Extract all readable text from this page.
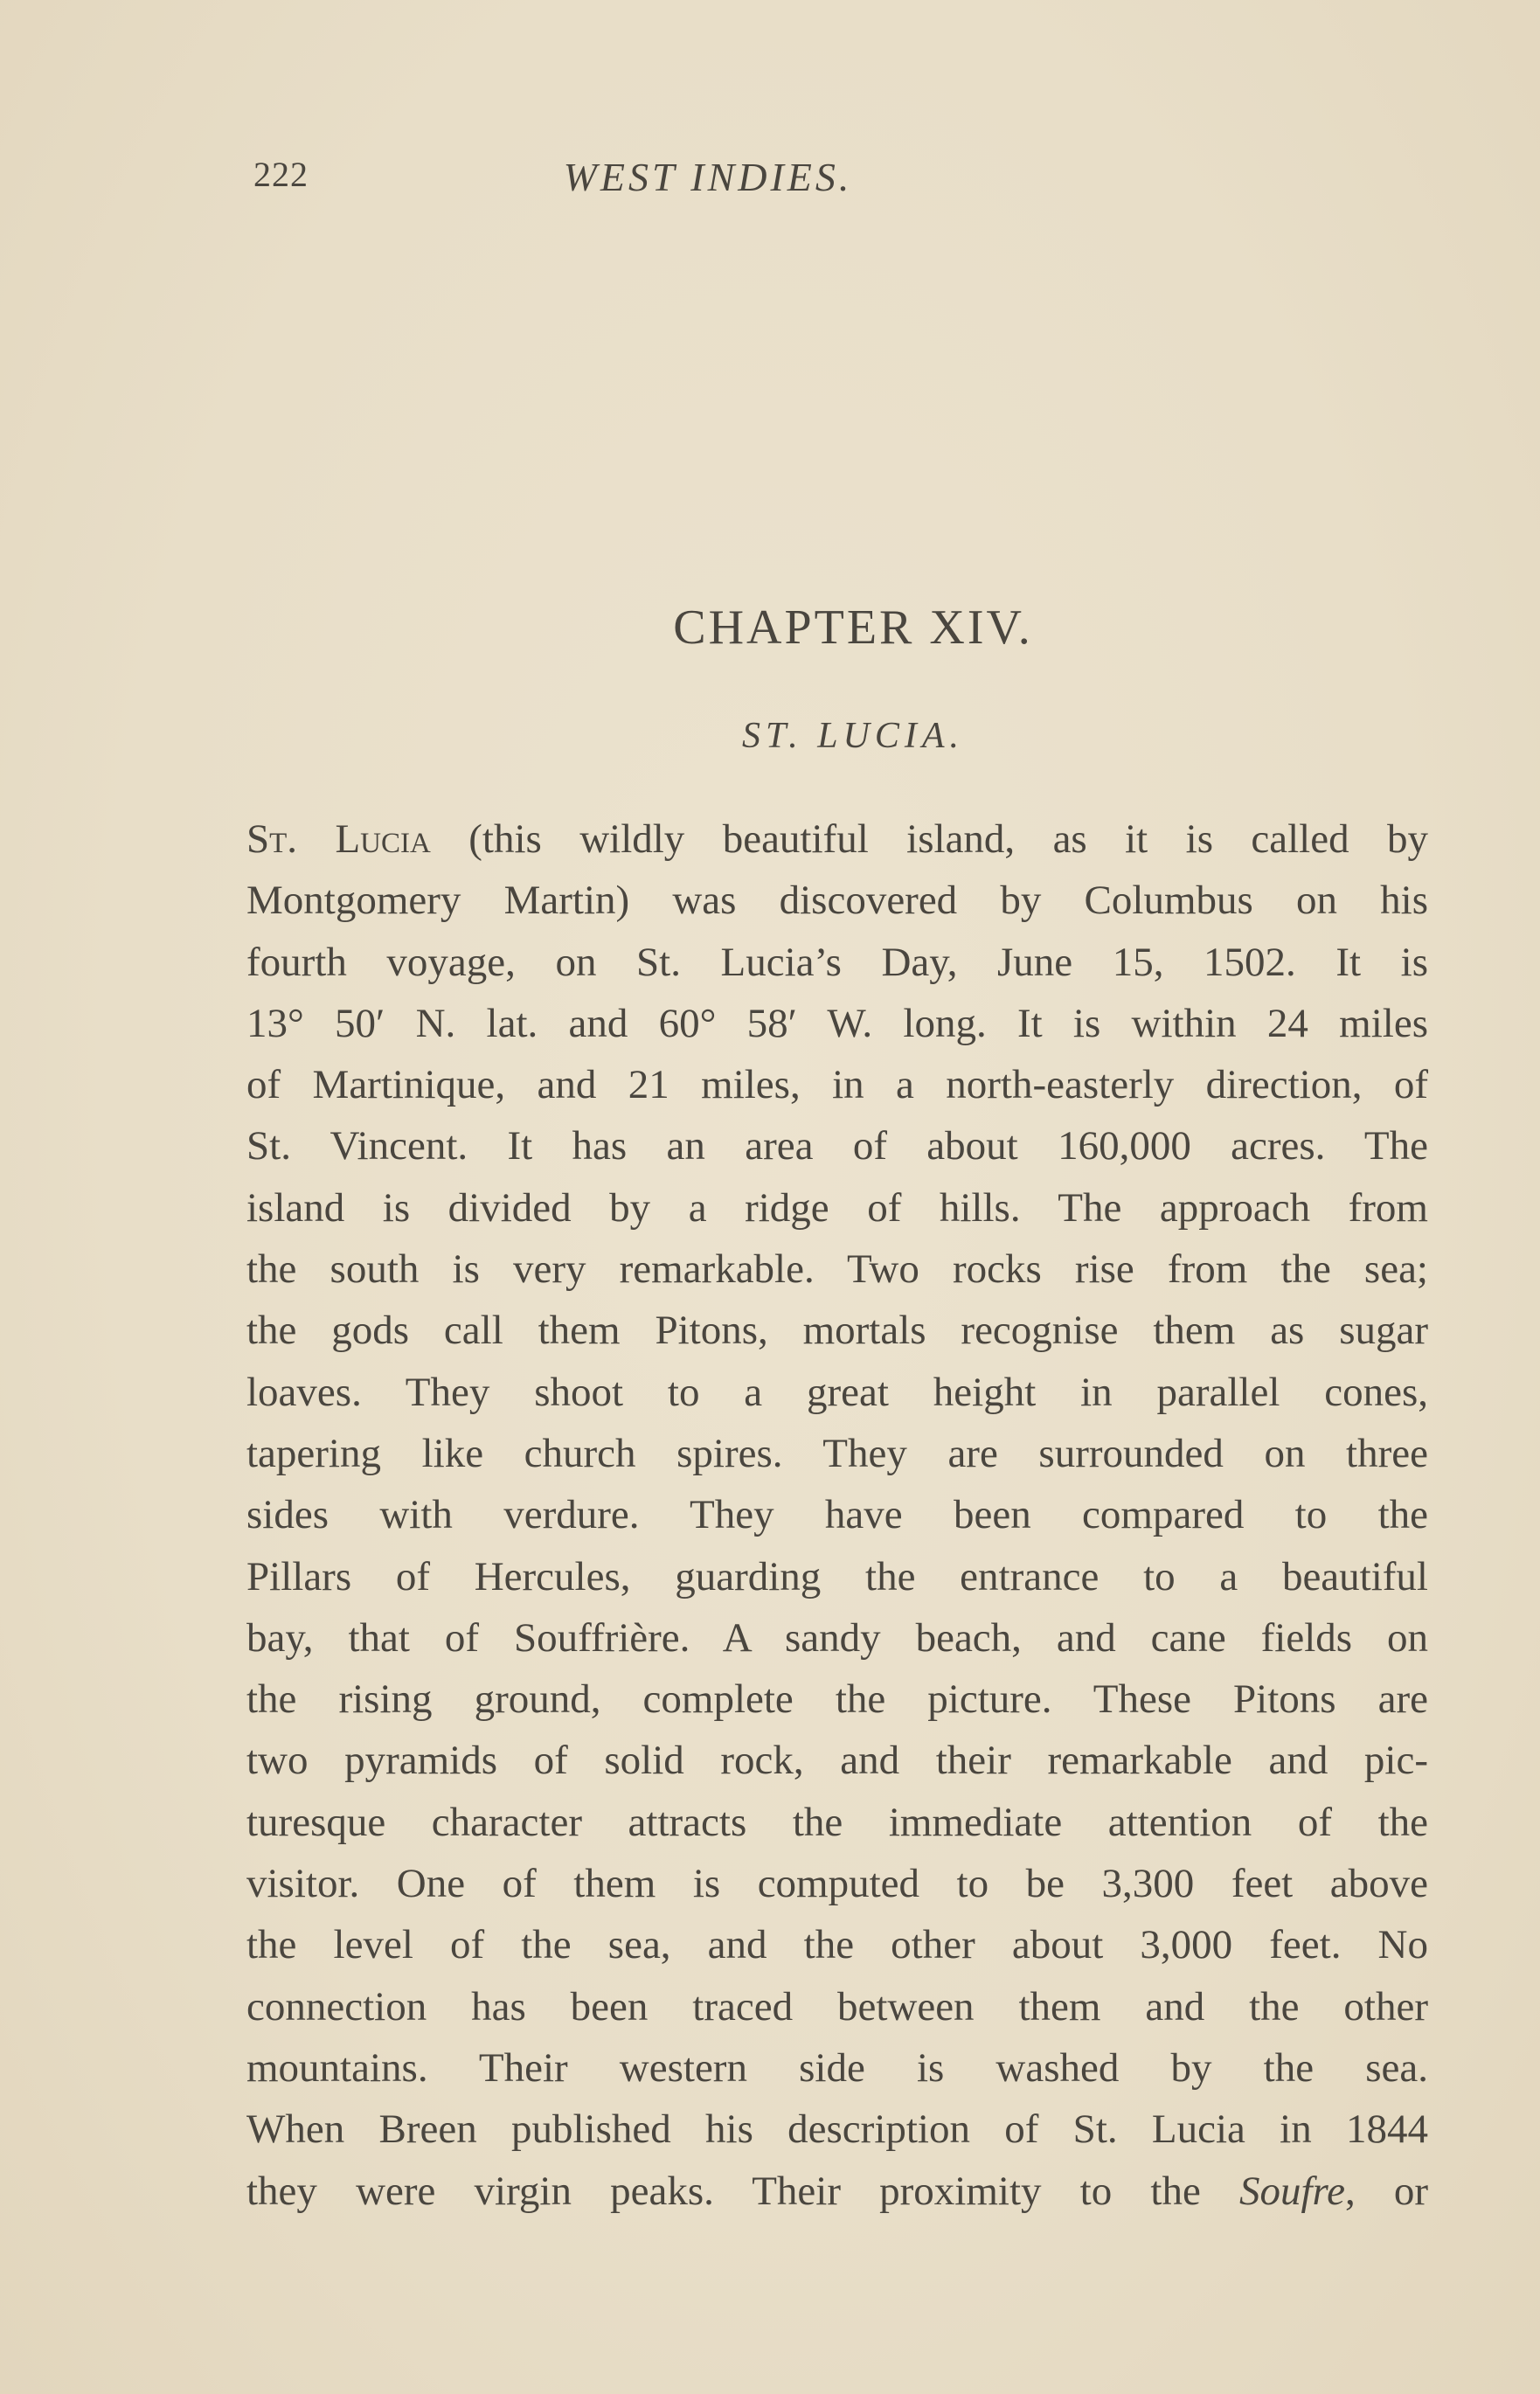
222	WEST INDIES.
CHAPTER XIV.
ST. LUCIA.
St. Lucia (this wildly beautiful island, as it is called by
Montgomery Martin) was discovered by Columbus on his
fourth voyage, on St. Lucia’s Day, June 15, 1502. It is
13° 50′ N. lat. and 60° 58′ W. long. It is within 24 miles
of Martinique, and 21 miles, in a north-easterly direction, of
St. Vincent. It has an area of about 160,000 acres. The
island is divided by a ridge of hills. The approach from
the south is very remarkable. Two rocks rise from the sea;
the gods call them Pitons, mortals recognise them as sugar
loaves. They shoot to a great height in parallel cones,
tapering like church spires. They are surrounded on three
sides with verdure. They have been compared to the
Pillars of Hercules, guarding the entrance to a beautiful
bay, that of Souffrière. A sandy beach, and cane fields on
the rising ground, complete the picture. These Pitons are
two pyramids of solid rock, and their remarkable and pic-
turesque character attracts the immediate attention of the
visitor. One of them is computed to be 3,300 feet above
the level of the sea, and the other about 3,000 feet. No
connection has been traced between them and the other
mountains. Their western side is washed by the sea.
When Breen published his description of St. Lucia in 1844
they were virgin peaks. Their proximity to the Soufre, or
